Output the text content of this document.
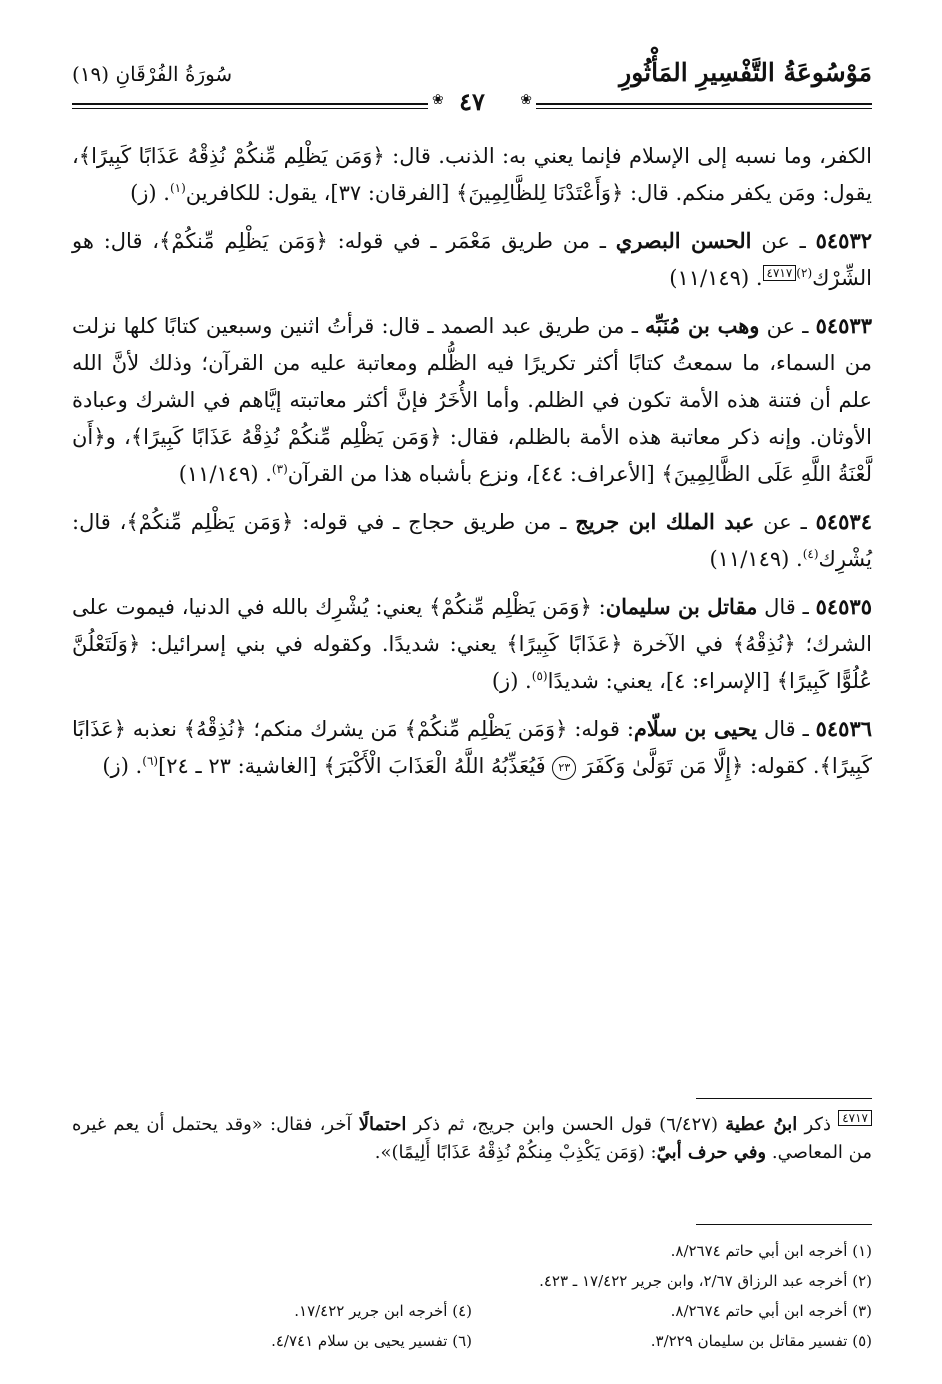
مَوْسُوعَةُ التَّفْسِيرِ المَأْثُورِ
سُورَةُ الفُرْقَانِ (١٩)
❀
❀ ٤٧

الكفر، وما نسبه إلى الإسلام فإنما يعني به: الذنب. قال: ﴿وَمَن يَظْلِم مِّنكُمْ نُذِقْهُ عَذَابًا كَبِيرًا﴾، يقول: ومَن يكفر منكم. قال: ﴿وَأَعْتَدْنَا لِلظَّالِمِينَ﴾ [الفرقان: ٣٧]، يقول: للكافرين$^{(١)}$. (ز)

٥٤٥٣٢ ـ عن الحسن البصري ـ من طريق مَعْمَر ـ في قوله: ﴿وَمَن يَظْلِم مِّنكُمْ﴾، قال: هو الشِّرْك$^{(٢)}$٤٧١٧. (١١/١٤٩)

٥٤٥٣٣ ـ عن وهب بن مُنَبِّه ـ من طريق عبد الصمد ـ قال: قرأتُ اثنين وسبعين كتابًا كلها نزلت من السماء، ما سمعتُ كتابًا أكثر تكريرًا فيه الظُّلم ومعاتبة عليه من القرآن؛ وذلك لأنَّ الله علم أن فتنة هذه الأمة تكون في الظلم. وأما الأُخَرُ فإنَّ أكثر معاتبته إيَّاهم في الشرك وعبادة الأوثان. وإنه ذكر معاتبة هذه الأمة بالظلم، فقال: ﴿وَمَن يَظْلِم مِّنكُمْ نُذِقْهُ عَذَابًا كَبِيرًا﴾، و﴿أَن لَّعْنَةُ اللَّهِ عَلَى الظَّالِمِينَ﴾ [الأعراف: ٤٤]، ونزع بأشباه هذا من القرآن$^{(٣)}$. (١١/١٤٩)

٥٤٥٣٤ ـ عن عبد الملك ابن جريج ـ من طريق حجاج ـ في قوله: ﴿وَمَن يَظْلِم مِّنكُمْ﴾، قال: يُشْرِك$^{(٤)}$. (١١/١٤٩)

٥٤٥٣٥ ـ قال مقاتل بن سليمان: ﴿وَمَن يَظْلِم مِّنكُمْ﴾ يعني: يُشْرِك بالله في الدنيا، فيموت على الشرك؛ ﴿نُذِقْهُ﴾ في الآخرة ﴿عَذَابًا كَبِيرًا﴾ يعني: شديدًا. وكقوله في بني إسرائيل: ﴿وَلَتَعْلُنَّ عُلُوًّا كَبِيرًا﴾ [الإسراء: ٤]، يعني: شديدًا$^{(٥)}$. (ز)

٥٤٥٣٦ ـ قال يحيى بن سلّام: قوله: ﴿وَمَن يَظْلِم مِّنكُمْ﴾ مَن يشرك منكم؛ ﴿نُذِقْهُ﴾ نعذبه ﴿عَذَابًا كَبِيرًا﴾. كقوله: ﴿إِلَّا مَن تَوَلَّىٰ وَكَفَرَ ٢٣ فَيُعَذِّبُهُ اللَّهُ الْعَذَابَ الْأَكْبَرَ﴾ [الغاشية: ٢٣ ـ ٢٤]$^{(٦)}$. (ز)

٤٧١٧ ذكر ابنُ عطية (٦/٤٢٧) قول الحسن وابن جريج، ثم ذكر احتمالًا آخر، فقال: «وقد يحتمل أن يعم غيره من المعاصي. وفي حرف أبيّ: (وَمَن يَكْذِبْ مِنكُمْ نُذِقْهُ عَذَابًا أَلِيمًا)».
(١) أخرجه ابن أبي حاتم ٨/٢٦٧٤.
(٢) أخرجه عبد الرزاق ٢/٦٧، وابن جرير ١٧/٤٢٢ ـ ٤٢٣.
(٣) أخرجه ابن أبي حاتم ٨/٢٦٧٤.
(٤) أخرجه ابن جرير ١٧/٤٢٢.
(٥) تفسير مقاتل بن سليمان ٣/٢٢٩.
(٦) تفسير يحيى بن سلام ٤/٧٤١.
